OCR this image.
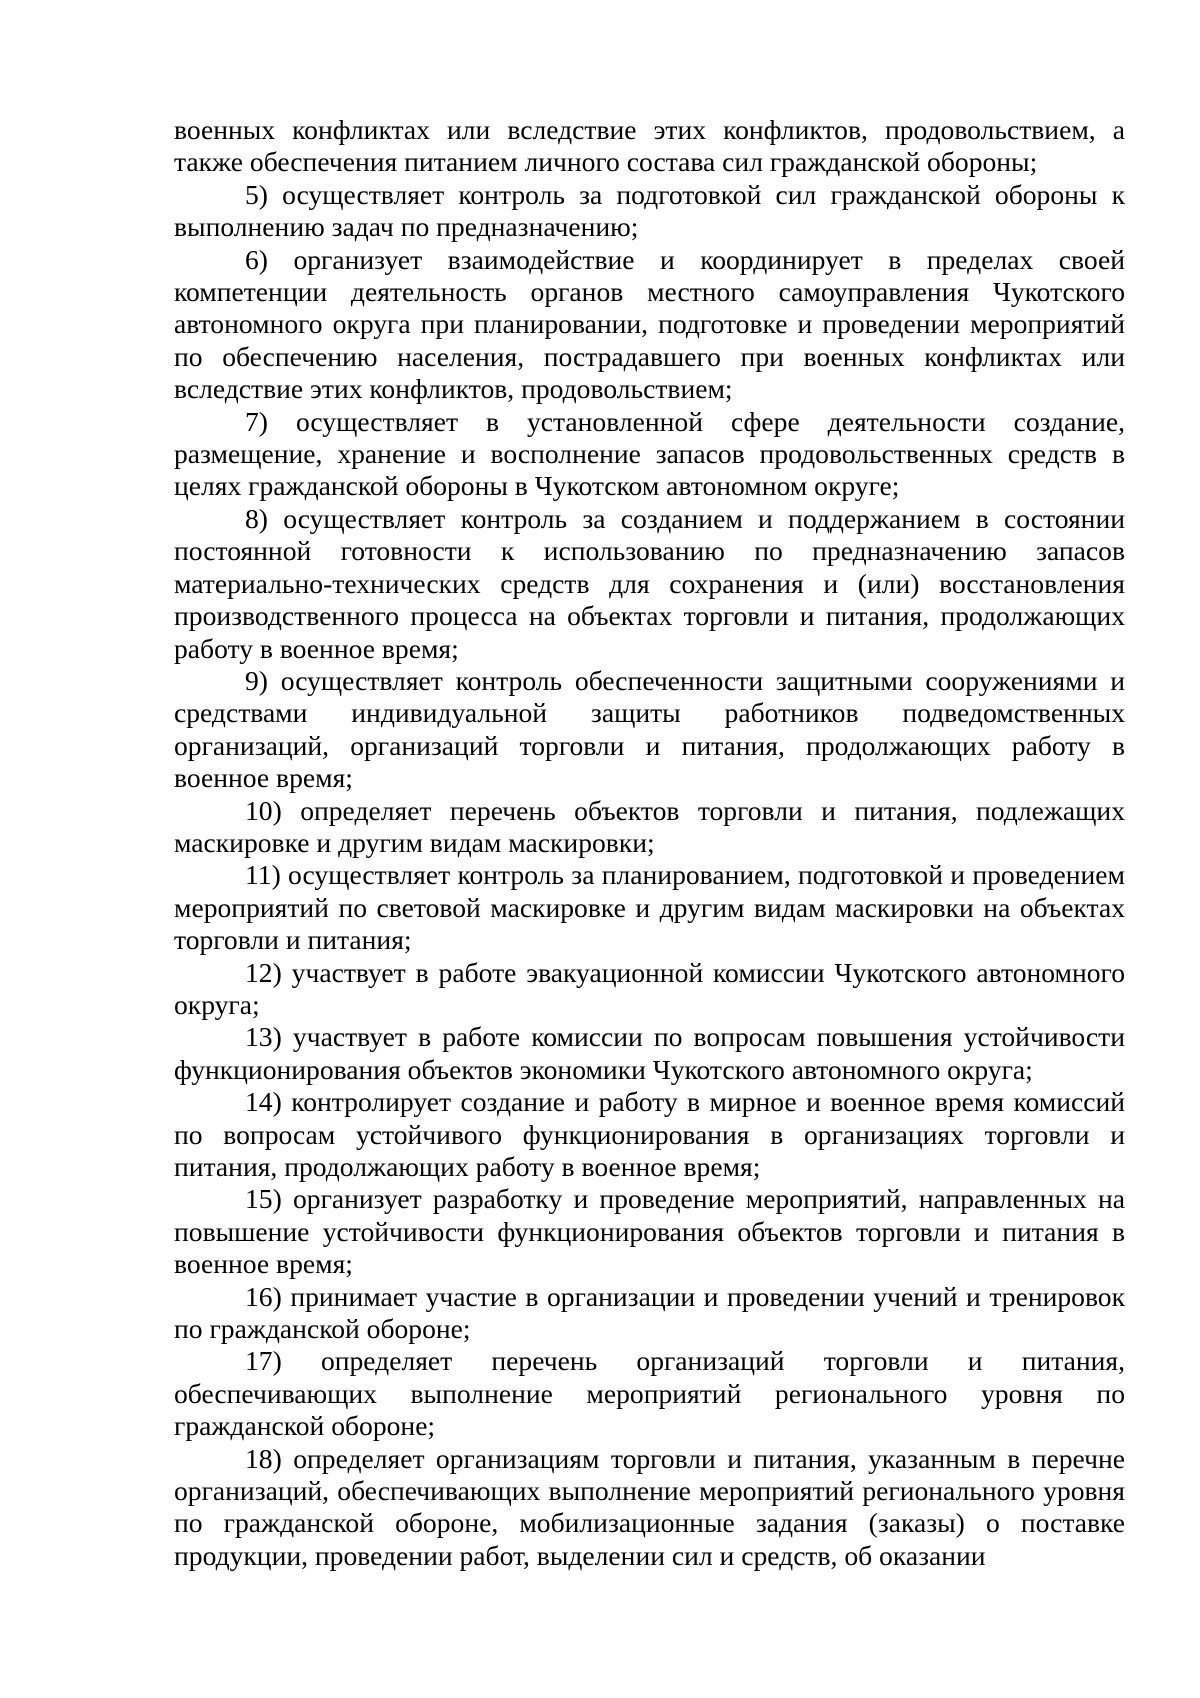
военных конфликтах или вследствие этих конфликтов, продовольствием, а также обеспечения питанием личного состава сил гражданской обороны;

5) осуществляет контроль за подготовкой сил гражданской обороны к выполнению задач по предназначению;

6) организует взаимодействие и координирует в пределах своей компетенции деятельность органов местного самоуправления Чукотского автономного округа при планировании, подготовке и проведении мероприятий по обеспечению населения, пострадавшего при военных конфликтах или вследствие этих конфликтов, продовольствием;

7) осуществляет в установленной сфере деятельности создание, размещение, хранение и восполнение запасов продовольственных средств в целях гражданской обороны в Чукотском автономном округе;

8) осуществляет контроль за созданием и поддержанием в состоянии постоянной готовности к использованию по предназначению запасов материально-технических средств для сохранения и (или) восстановления производственного процесса на объектах торговли и питания, продолжающих работу в военное время;

9) осуществляет контроль обеспеченности защитными сооружениями и средствами индивидуальной защиты работников подведомственных организаций, организаций торговли и питания, продолжающих работу в военное время;

10) определяет перечень объектов торговли и питания, подлежащих маскировке и другим видам маскировки;

11) осуществляет контроль за планированием, подготовкой и проведением мероприятий по световой маскировке и другим видам маскировки на объектах торговли и питания;

12) участвует в работе эвакуационной комиссии Чукотского автономного округа;

13) участвует в работе комиссии по вопросам повышения устойчивости функционирования объектов экономики Чукотского автономного округа;

14) контролирует создание и работу в мирное и военное время комиссий по вопросам устойчивого функционирования в организациях торговли и питания, продолжающих работу в военное время;

15) организует разработку и проведение мероприятий, направленных на повышение устойчивости функционирования объектов торговли и питания в военное время;

16) принимает участие в организации и проведении учений и тренировок по гражданской обороне;

17) определяет перечень организаций торговли и питания, обеспечивающих выполнение мероприятий регионального уровня по гражданской обороне;

18) определяет организациям торговли и питания, указанным в перечне организаций, обеспечивающих выполнение мероприятий регионального уровня по гражданской обороне, мобилизационные задания (заказы) о поставке продукции, проведении работ, выделении сил и средств, об оказании
